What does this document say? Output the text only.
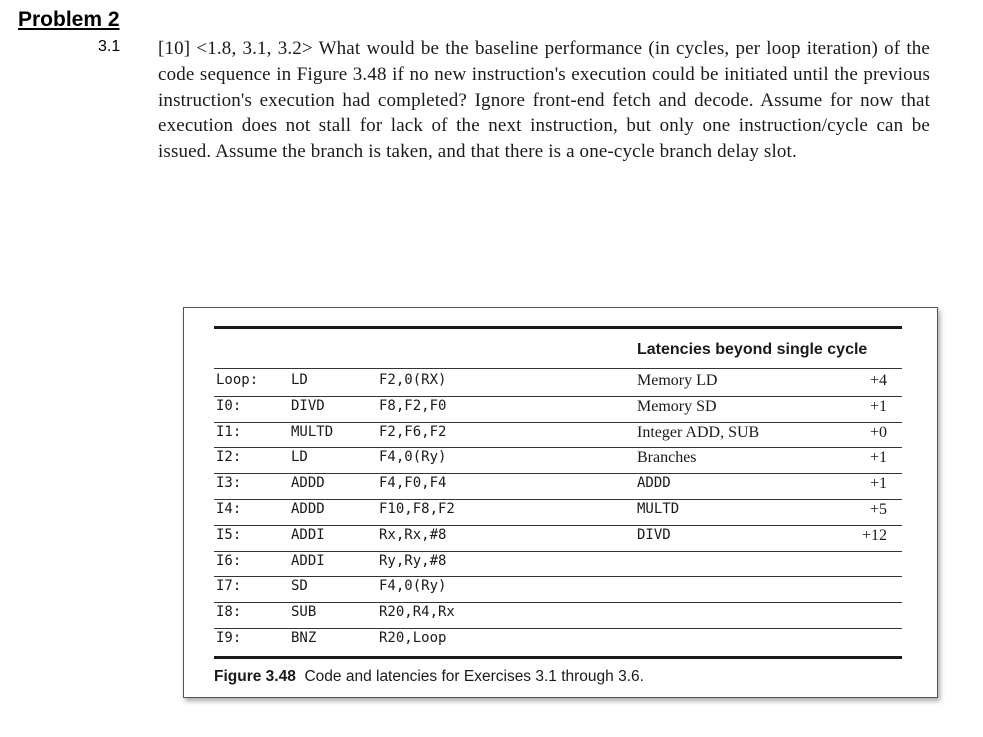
Problem 2
3.1 [10] <1.8, 3.1, 3.2> What would be the baseline performance (in cycles, per loop iteration) of the code sequence in Figure 3.48 if no new instruction's execution could be initiated until the previous instruction's execution had completed? Ignore front-end fetch and decode. Assume for now that execution does not stall for lack of the next instruction, but only one instruction/cycle can be issued. Assume the branch is taken, and that there is a one-cycle branch delay slot.
Latencies beyond single cycle
Loop: LD	F2,0(RX)
I0:	DIVD	F8,F2,F0
I1:	MULTD	F2,F6,F2
I2:	LD	F4,0(Ry)
I3:	ADDD	F4,F0,F4
I4:	ADDD	F10,F8,F2
I5:	ADDI	Rx,Rx,#8
I6:	ADDI	Ry,Ry,#8
I7:	SD	F4,0(Ry)
I8:	SUB	R20,R4,Rx
I9:	BNZ	R20,Loop
Memory LD	+4
Memory SD	+1
Integer ADD, SUB	+0
Branches	+1
ADDD	+1
MULTD	+5
DIVD	+12
Figure 3.48 Code and latencies for Exercises 3.1 through 3.6.
